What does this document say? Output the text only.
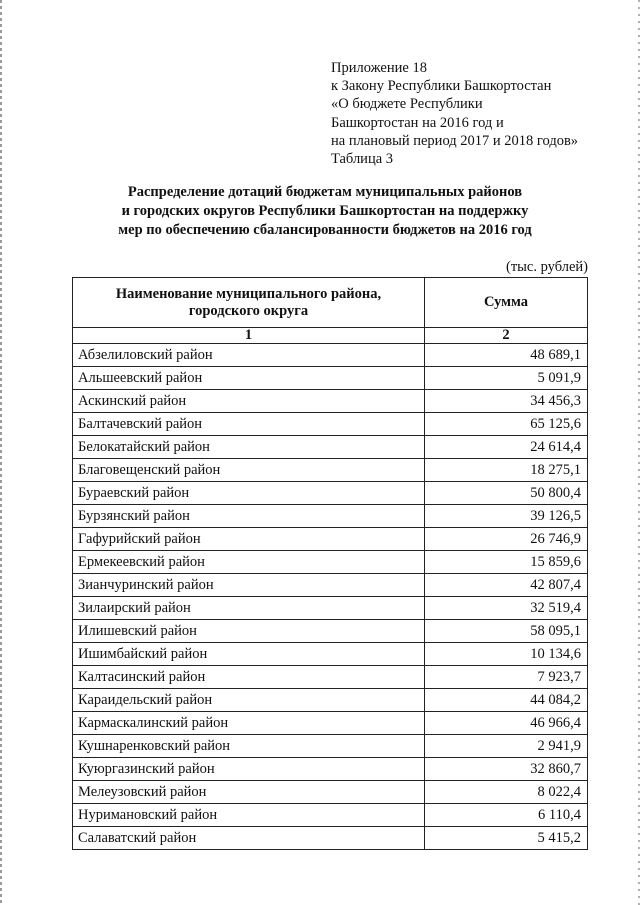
Приложение 18
к Закону Республики Башкортостан
«О бюджете Республики
Башкортостан на 2016 год и
на плановый период 2017 и 2018 годов»
Таблица 3
Распределение дотаций бюджетам муниципальных районов
и городских округов Республики Башкортостан на поддержку
мер по обеспечению сбалансированности бюджетов на 2016 год
(тыс. рублей)
Наименование муниципального района,
городского округа	Сумма
1	2
Абзелиловский район	48 689,1
Альшеевский район	5 091,9
Аскинский район	34 456,3
Балтачевский район	65 125,6
Белокатайский район	24 614,4
Благовещенский район	18 275,1
Бураевский район	50 800,4
Бурзянский район	39 126,5
Гафурийский район	26 746,9
Ермекеевский район	15 859,6
Зианчуринский район	42 807,4
Зилаирский район	32 519,4
Илишевский район	58 095,1
Ишимбайский район	10 134,6
Калтасинский район	7 923,7
Караидельский район	44 084,2
Кармаскалинский район	46 966,4
Кушнаренковский район	2 941,9
Куюргазинский район	32 860,7
Мелеузовский район	8 022,4
Нуримановский район	6 110,4
Салаватский район	5 415,2
